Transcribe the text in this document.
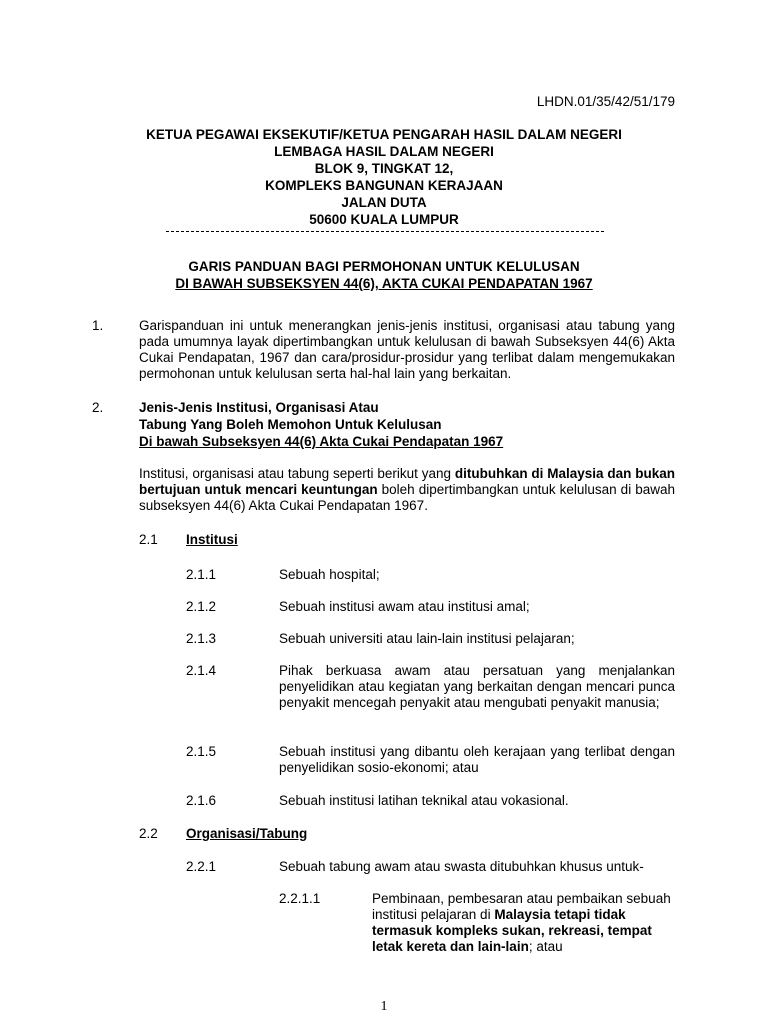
LHDN.01/35/42/51/179
KETUA PEGAWAI EKSEKUTIF/KETUA PENGARAH HASIL DALAM NEGERI
LEMBAGA HASIL DALAM NEGERI
BLOK 9, TINGKAT 12,
KOMPLEKS BANGUNAN KERAJAAN
JALAN DUTA
50600 KUALA LUMPUR
GARIS PANDUAN BAGI PERMOHONAN UNTUK KELULUSAN
DI BAWAH SUBSEKSYEN 44(6), AKTA CUKAI PENDAPATAN 1967
1.	Garispanduan ini untuk menerangkan jenis-jenis institusi, organisasi atau tabung yang pada umumnya layak dipertimbangkan untuk kelulusan di bawah Subseksyen 44(6) Akta Cukai Pendapatan, 1967 dan cara/prosidur-prosidur yang terlibat dalam mengemukakan permohonan untuk kelulusan serta hal-hal lain yang berkaitan.
2.	Jenis-Jenis Institusi, Organisasi Atau
Tabung Yang Boleh Memohon Untuk Kelulusan
Di bawah Subseksyen 44(6) Akta Cukai Pendapatan 1967
Institusi, organisasi atau tabung seperti berikut yang ditubuhkan di Malaysia dan bukan bertujuan untuk mencari keuntungan boleh dipertimbangkan untuk kelulusan di bawah subseksyen 44(6) Akta Cukai Pendapatan 1967.
2.1 Institusi
2.1.1	Sebuah hospital;
2.1.2	Sebuah institusi awam atau institusi amal;
2.1.3	Sebuah universiti atau lain-lain institusi pelajaran;
2.1.4	Pihak berkuasa awam atau persatuan yang menjalankan penyelidikan atau kegiatan yang berkaitan dengan mencari punca penyakit mencegah penyakit atau mengubati penyakit manusia;
2.1.5	Sebuah institusi yang dibantu oleh kerajaan yang terlibat dengan penyelidikan sosio-ekonomi; atau
2.1.6	Sebuah institusi latihan teknikal atau vokasional.
2.2 Organisasi/Tabung
2.2.1	Sebuah tabung awam atau swasta ditubuhkan khusus untuk-
2.2.1.1	Pembinaan, pembesaran atau pembaikan sebuah institusi pelajaran di Malaysia tetapi tidak termasuk kompleks sukan, rekreasi, tempat letak kereta dan lain-lain; atau
1
